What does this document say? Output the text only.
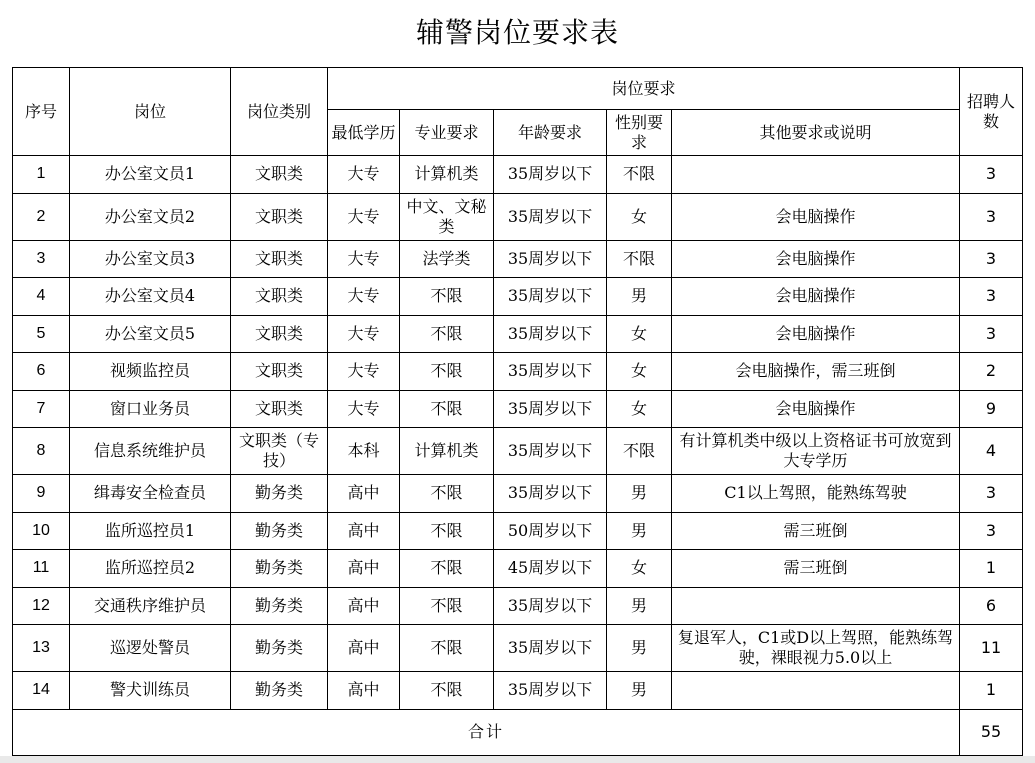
辅警岗位要求表
序号	岗位	岗位类别	岗位要求					招聘人数
			最低学历	专业要求	年龄要求	性别要求	其他要求或说明	
1	办公室文员1	文职类	大专	计算机类	35周岁以下	不限		3
2	办公室文员2	文职类	大专	中文、文秘类	35周岁以下	女	会电脑操作	3
3	办公室文员3	文职类	大专	法学类	35周岁以下	不限	会电脑操作	3
4	办公室文员4	文职类	大专	不限	35周岁以下	男	会电脑操作	3
5	办公室文员5	文职类	大专	不限	35周岁以下	女	会电脑操作	3
6	视频监控员	文职类	大专	不限	35周岁以下	女	会电脑操作，需三班倒	2
7	窗口业务员	文职类	大专	不限	35周岁以下	女	会电脑操作	9
8	信息系统维护员	文职类（专技）	本科	计算机类	35周岁以下	不限	有计算机类中级以上资格证书可放宽到大专学历	4
9	缉毒安全检查员	勤务类	高中	不限	35周岁以下	男	C1以上驾照，能熟练驾驶	3
10	监所巡控员1	勤务类	高中	不限	50周岁以下	男	需三班倒	3
11	监所巡控员2	勤务类	高中	不限	45周岁以下	女	需三班倒	1
12	交通秩序维护员	勤务类	高中	不限	35周岁以下	男		6
13	巡逻处警员	勤务类	高中	不限	35周岁以下	男	复退军人，C1或D以上驾照，能熟练驾驶，裸眼视力5.0以上	11
14	警犬训练员	勤务类	高中	不限	35周岁以下	男		1
合计								55
